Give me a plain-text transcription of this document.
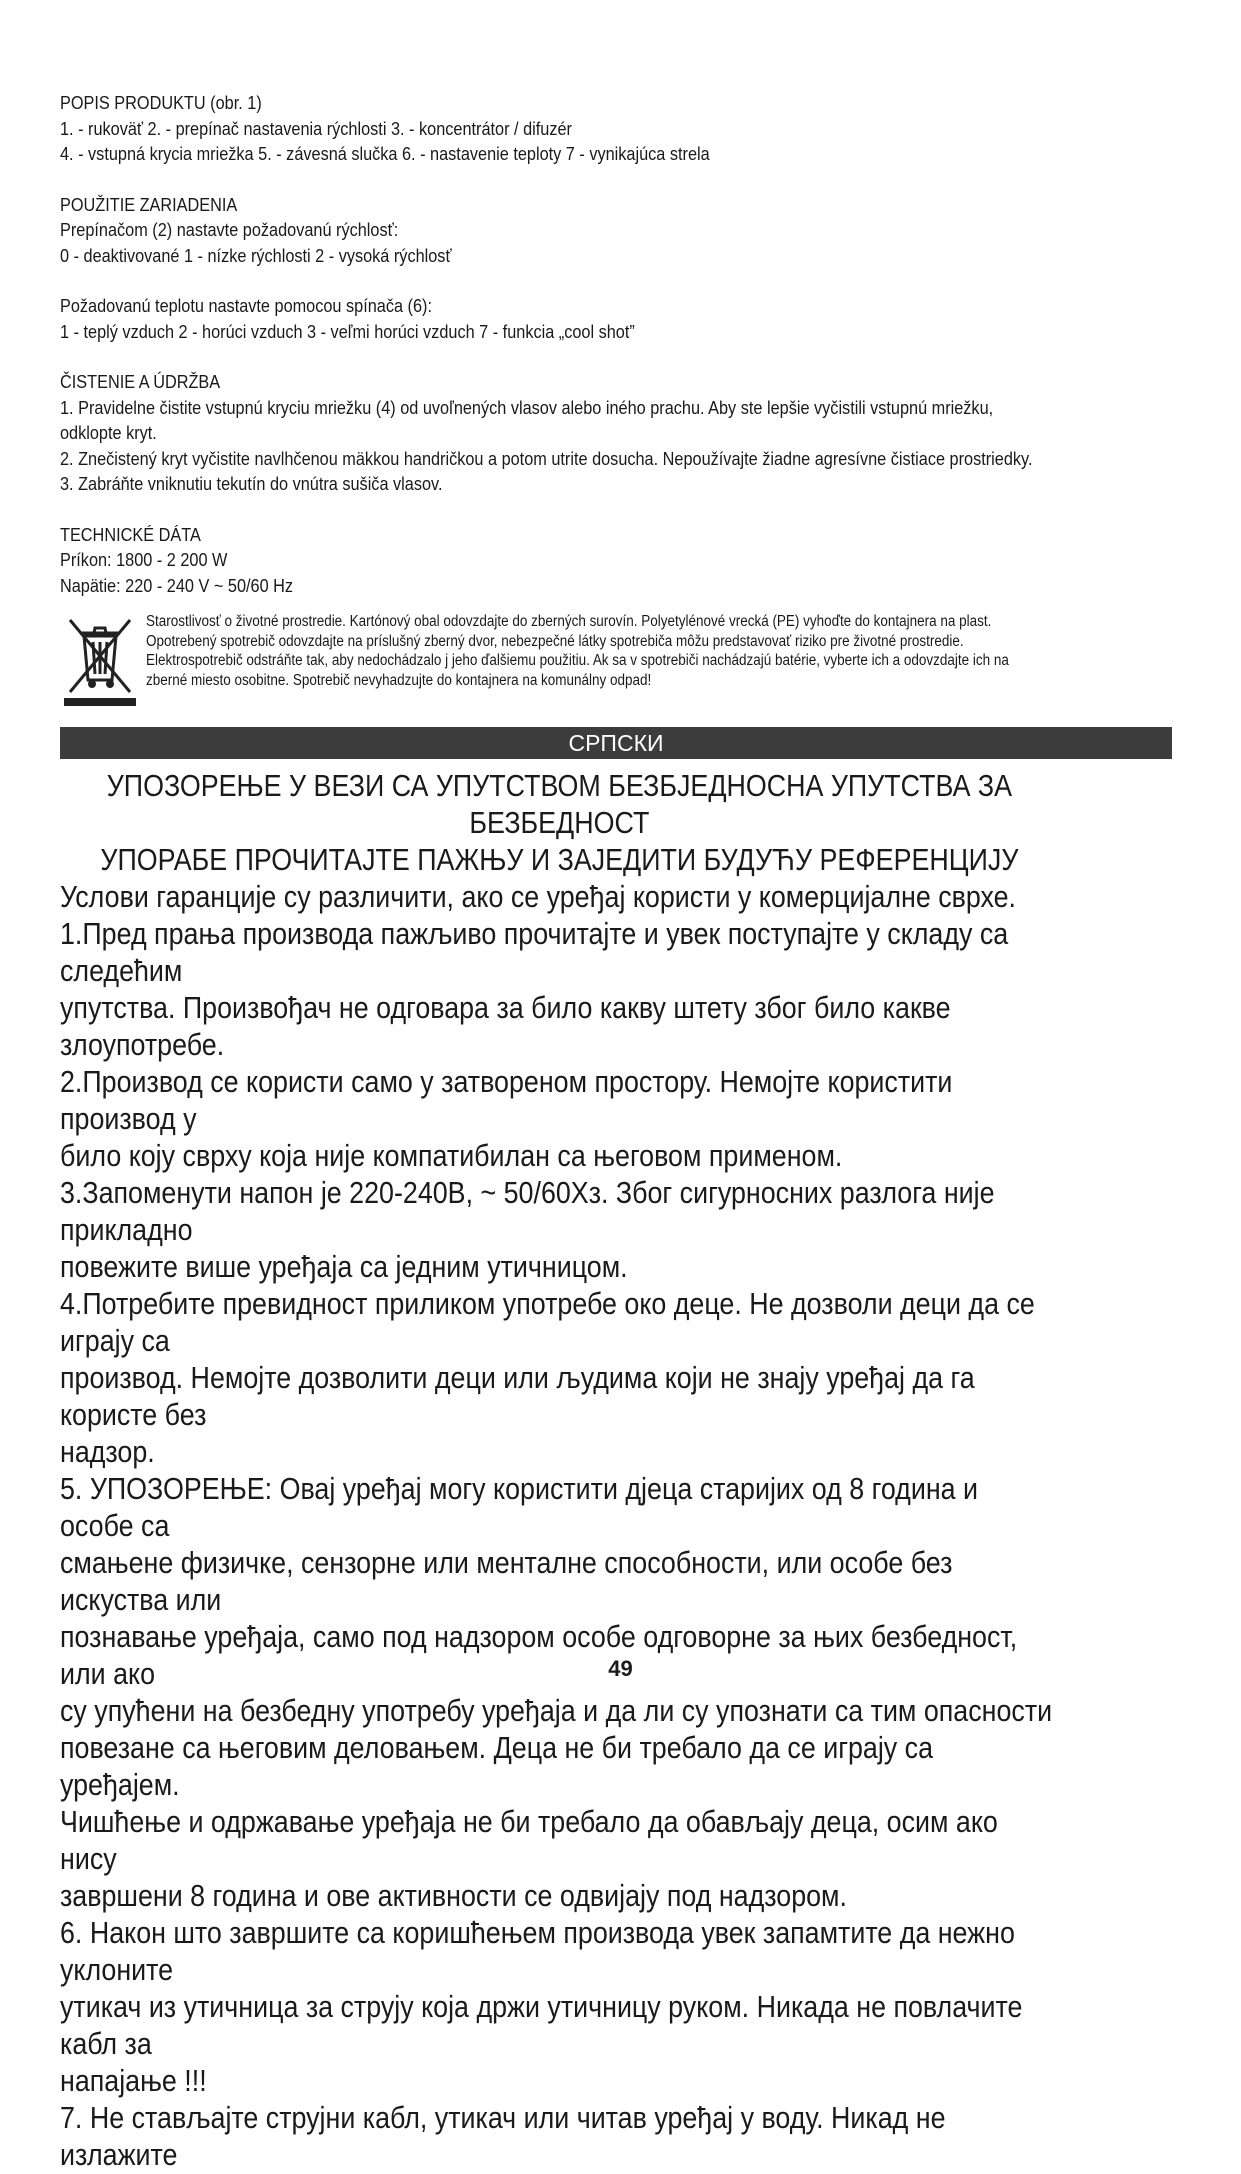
POPIS PRODUKTU (obr. 1)

1. - rukoväť 2. - prepínač nastavenia rýchlosti 3. - koncentrátor / difuzér

4. - vstupná krycia mriežka 5. - závesná slučka 6. - nastavenie teploty 7 - vynikajúca strela

POUŽITIE ZARIADENIA

Prepínačom (2) nastavte požadovanú rýchlosť:

0 - deaktivované 1 - nízke rýchlosti 2 - vysoká rýchlosť

Požadovanú teplotu nastavte pomocou spínača (6):

1 - teplý vzduch 2 - horúci vzduch 3 - veľmi horúci vzduch 7 - funkcia „cool shot”

ČISTENIE A ÚDRŽBA

1. Pravidelne čistite vstupnú kryciu mriežku (4) od uvoľnených vlasov alebo iného prachu. Aby ste lepšie vyčistili vstupnú mriežku,

odklopte kryt.

2. Znečistený kryt vyčistite navlhčenou mäkkou handričkou a potom utrite dosucha. Nepoužívajte žiadne agresívne čistiace prostriedky.

3. Zabráňte vniknutiu tekutín do vnútra sušiča vlasov.

TECHNICKÉ DÁTA

Príkon: 1800 - 2 200 W

Napätie: 220 - 240 V ~ 50/60 Hz

Starostlivosť o životné prostredie. Kartónový obal odovzdajte do zberných surovín. Polyetylénové vrecká (PE) vyhoďte do kontajnera na plast.

Opotrebený spotrebič odovzdajte na príslušný zberný dvor, nebezpečné látky spotrebiča môžu predstavovať riziko pre životné prostredie.

Elektrospotrebič odstráňte tak, aby nedochádzalo j jeho ďalšiemu použitiu. Ak sa v spotrebiči nachádzajú batérie, vyberte ich a odovzdajte ich na

zberné miesto osobitne. Spotrebič nevyhadzujte do kontajnera na komunálny odpad!

СРПСКИ

УПОЗОРЕЊЕ У ВЕЗИ СА УПУТСТВОМ БЕЗБЈЕДНОСНА УПУТСТВА ЗА БЕЗБЕДНОСТ

УПОРАБЕ ПРОЧИТАЈТЕ ПАЖЊУ И ЗАЈЕДИТИ БУДУЋУ РЕФЕРЕНЦИЈУ

Услови гаранције су различити, ако се уређај користи у комерцијалне сврхе.

1.Пред прања производа пажљиво прочитајте и увек поступајте у складу са следећим

упутства. Произвођач не одговара за било какву штету због било какве злоупотребе.

2.Производ се користи само у затвореном простору. Немојте користити производ у

било коју сврху која није компатибилан са његовом применом.

3.Запоменути напон је 220-240В, ~ 50/60Хз. Због сигурносних разлога није прикладно

повежите више уређаја са једним утичницом.

4.Потребите превидност приликом употребе око деце. Не дозволи деци да се играју са

производ. Немојте дозволити деци или људима који не знају уређај да га користе без

надзор.

5. УПОЗОРЕЊЕ: Овај уређај могу користити дјеца старијих од 8 година и особе са

смањене физичке, сензорне или менталне способности, или особе без искуства или

познавање уређаја, само под надзором особе одговорне за њих безбедност, или ако

су упућени на безбедну употребу уређаја и да ли су упознати са тим опасности

повезане са његовим деловањем. Деца не би требало да се играју са уређајем.

Чишћење и одржавање уређаја не би требало да обављају деца, осим ако нису

завршени 8 година и ове активности се одвијају под надзором.

6. Након што завршите са коришћењем производа увек запамтите да нежно уклоните

утикач из утичница за струју која држи утичницу руком. Никада не повлачите кабл за

напајање !!!

7. Не стављајте струјни кабл, утикач или читав уређај у воду. Никад не излажите

49
